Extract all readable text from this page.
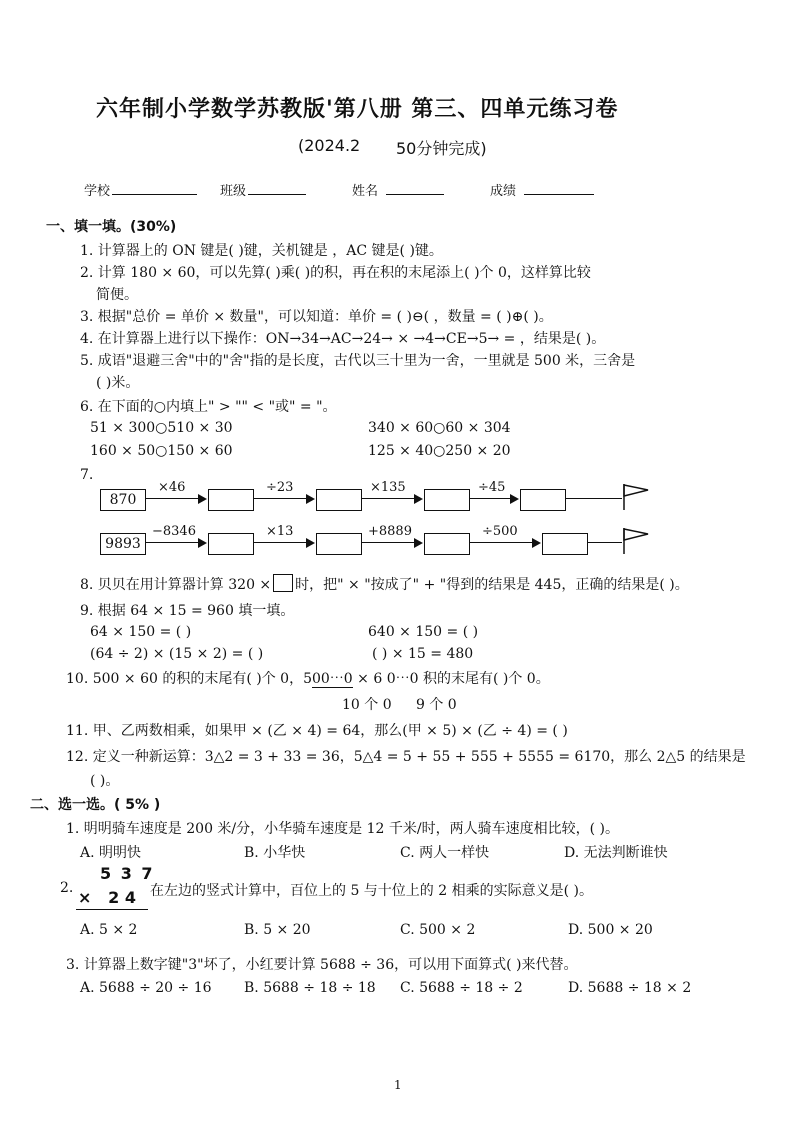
六年制小学数学苏教版'第八册 第三、四单元练习卷
(2024.2 50分钟完成)
学校	班级	姓名	成绩
一、填一填。(30%)
1. 计算器上的 ON 键是( )键，关机键是 ，AC 键是( )键。
2. 计算 180 × 60，可以先算( )乘( )的积，再在积的末尾添上( )个 0，这样算比较
简便。
3. 根据"总价 = 单价 × 数量"，可以知道：单价 = ( )⊖( ，数量 = ( )⊕( )。
4. 在计算器上进行以下操作：ON→34→AC→24→ × →4→CE→5→ = ，结果是( )。
5. 成语"退避三舍"中的"舍"指的是长度，古代以三十里为一舍，一里就是 500 米，三舍是
( )米。
6. 在下面的○内填上" > "" < "或" = "。
51 × 300○510 × 30	340 × 60○60 × 304
160 × 50○150 × 60	125 × 40○250 × 20
7.
870
×46	÷23	×135	÷45
9893
−8346	×13	+8889	÷500
8. 贝贝在用计算器计算 320 × 时，把" × "按成了" + "得到的结果是 445，正确的结果是( )。
9. 根据 64 × 15 = 960 填一填。
64 × 150 = ( )	640 × 150 = ( )
(64 ÷ 2) × (15 × 2) = ( )	( ) × 15 = 480
10. 500 × 60 的积的末尾有( )个 0，500⋯0 × 6 0⋯0 积的末尾有( )个 0。
10 个 0 9 个 0
11. 甲、乙两数相乘，如果甲 × (乙 × 4) = 64，那么(甲 × 5) × (乙 ÷ 4) = ( )
12. 定义一种新运算：3△2 = 3 + 33 = 36，5△4 = 5 + 55 + 555 + 5555 = 6170，那么 2△5 的结果是
( )。
二、选一选。( 5% )
1. 明明骑车速度是 200 米/分，小华骑车速度是 12 千米/时，两人骑车速度相比较，( )。
A. 明明快	B. 小华快	C. 两人一样快	D. 无法判断谁快
2.
5 3 7
×   2 4 在左边的竖式计算中，百位上的 5 与十位上的 2 相乘的实际意义是( )。
A. 5 × 2	B. 5 × 20	C. 500 × 2	D. 500 × 20
3. 计算器上数字键"3"坏了，小红要计算 5688 ÷ 36，可以用下面算式( )来代替。
A. 5688 ÷ 20 ÷ 16 B. 5688 ÷ 18 ÷ 18 C. 5688 ÷ 18 ÷ 2	D. 5688 ÷ 18 × 2
1
